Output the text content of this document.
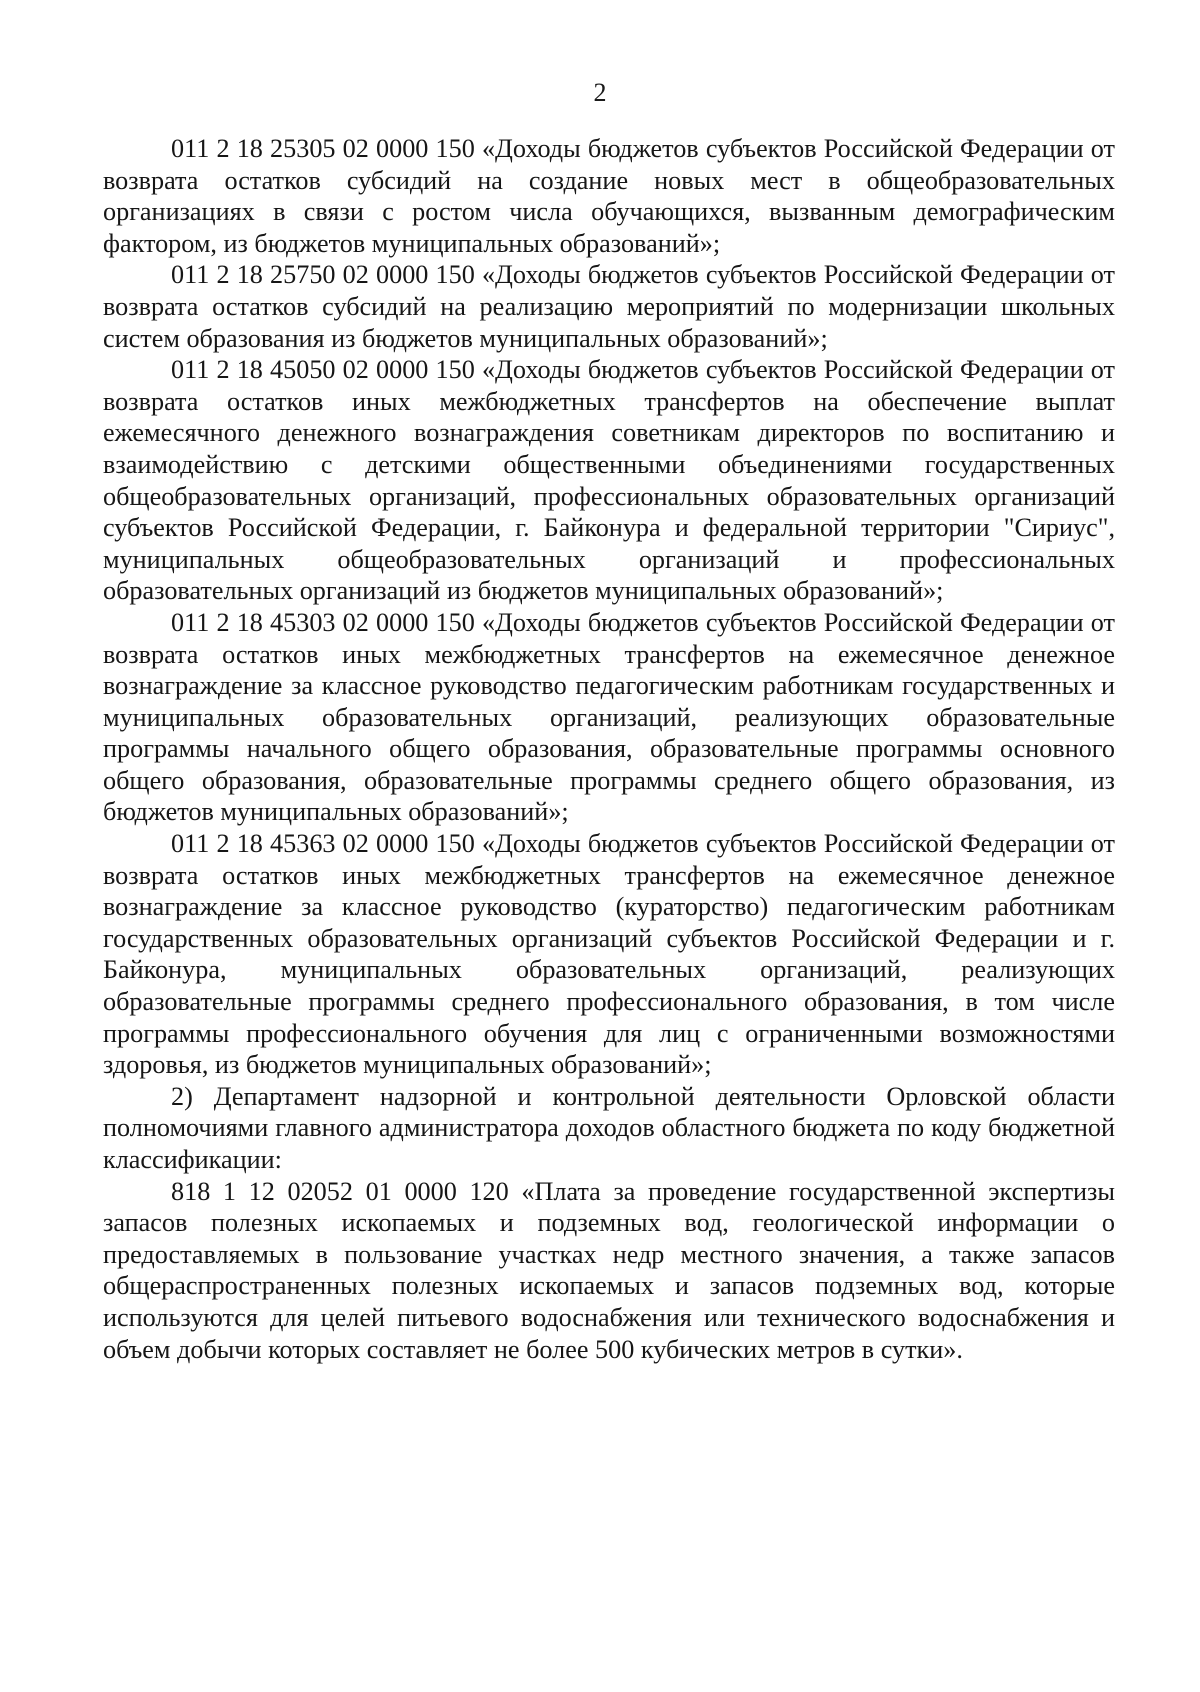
2

011 2 18 25305 02 0000 150 «Доходы бюджетов субъектов Российской Федерации от возврата остатков субсидий на создание новых мест в общеобразовательных организациях в связи с ростом числа обучающихся, вызванным демографическим фактором, из бюджетов муниципальных образований»;

011 2 18 25750 02 0000 150 «Доходы бюджетов субъектов Российской Федерации от возврата остатков субсидий на реализацию мероприятий по модернизации школьных систем образования из бюджетов муниципальных образований»;

011 2 18 45050 02 0000 150 «Доходы бюджетов субъектов Российской Федерации от возврата остатков иных межбюджетных трансфертов на обеспечение выплат ежемесячного денежного вознаграждения советникам директоров по воспитанию и взаимодействию с детскими общественными объединениями государственных общеобразовательных организаций, профессиональных образовательных организаций субъектов Российской Федерации, г. Байконура и федеральной территории "Сириус", муниципальных общеобразовательных организаций и профессиональных образовательных организаций из бюджетов муниципальных образований»;

011 2 18 45303 02 0000 150 «Доходы бюджетов субъектов Российской Федерации от возврата остатков иных межбюджетных трансфертов на ежемесячное денежное вознаграждение за классное руководство педагогическим работникам государственных и муниципальных образовательных организаций, реализующих образовательные программы начального общего образования, образовательные программы основного общего образования, образовательные программы среднего общего образования, из бюджетов муниципальных образований»;

011 2 18 45363 02 0000 150 «Доходы бюджетов субъектов Российской Федерации от возврата остатков иных межбюджетных трансфертов на ежемесячное денежное вознаграждение за классное руководство (кураторство) педагогическим работникам государственных образовательных организаций субъектов Российской Федерации и г. Байконура, муниципальных образовательных организаций, реализующих образовательные программы среднего профессионального образования, в том числе программы профессионального обучения для лиц с ограниченными возможностями здоровья, из бюджетов муниципальных образований»;

2) Департамент надзорной и контрольной деятельности Орловской области полномочиями главного администратора доходов областного бюджета по коду бюджетной классификации:

818 1 12 02052 01 0000 120 «Плата за проведение государственной экспертизы запасов полезных ископаемых и подземных вод, геологической информации о предоставляемых в пользование участках недр местного значения, а также запасов общераспространенных полезных ископаемых и запасов подземных вод, которые используются для целей питьевого водоснабжения или технического водоснабжения и объем добычи которых составляет не более 500 кубических метров в сутки».
